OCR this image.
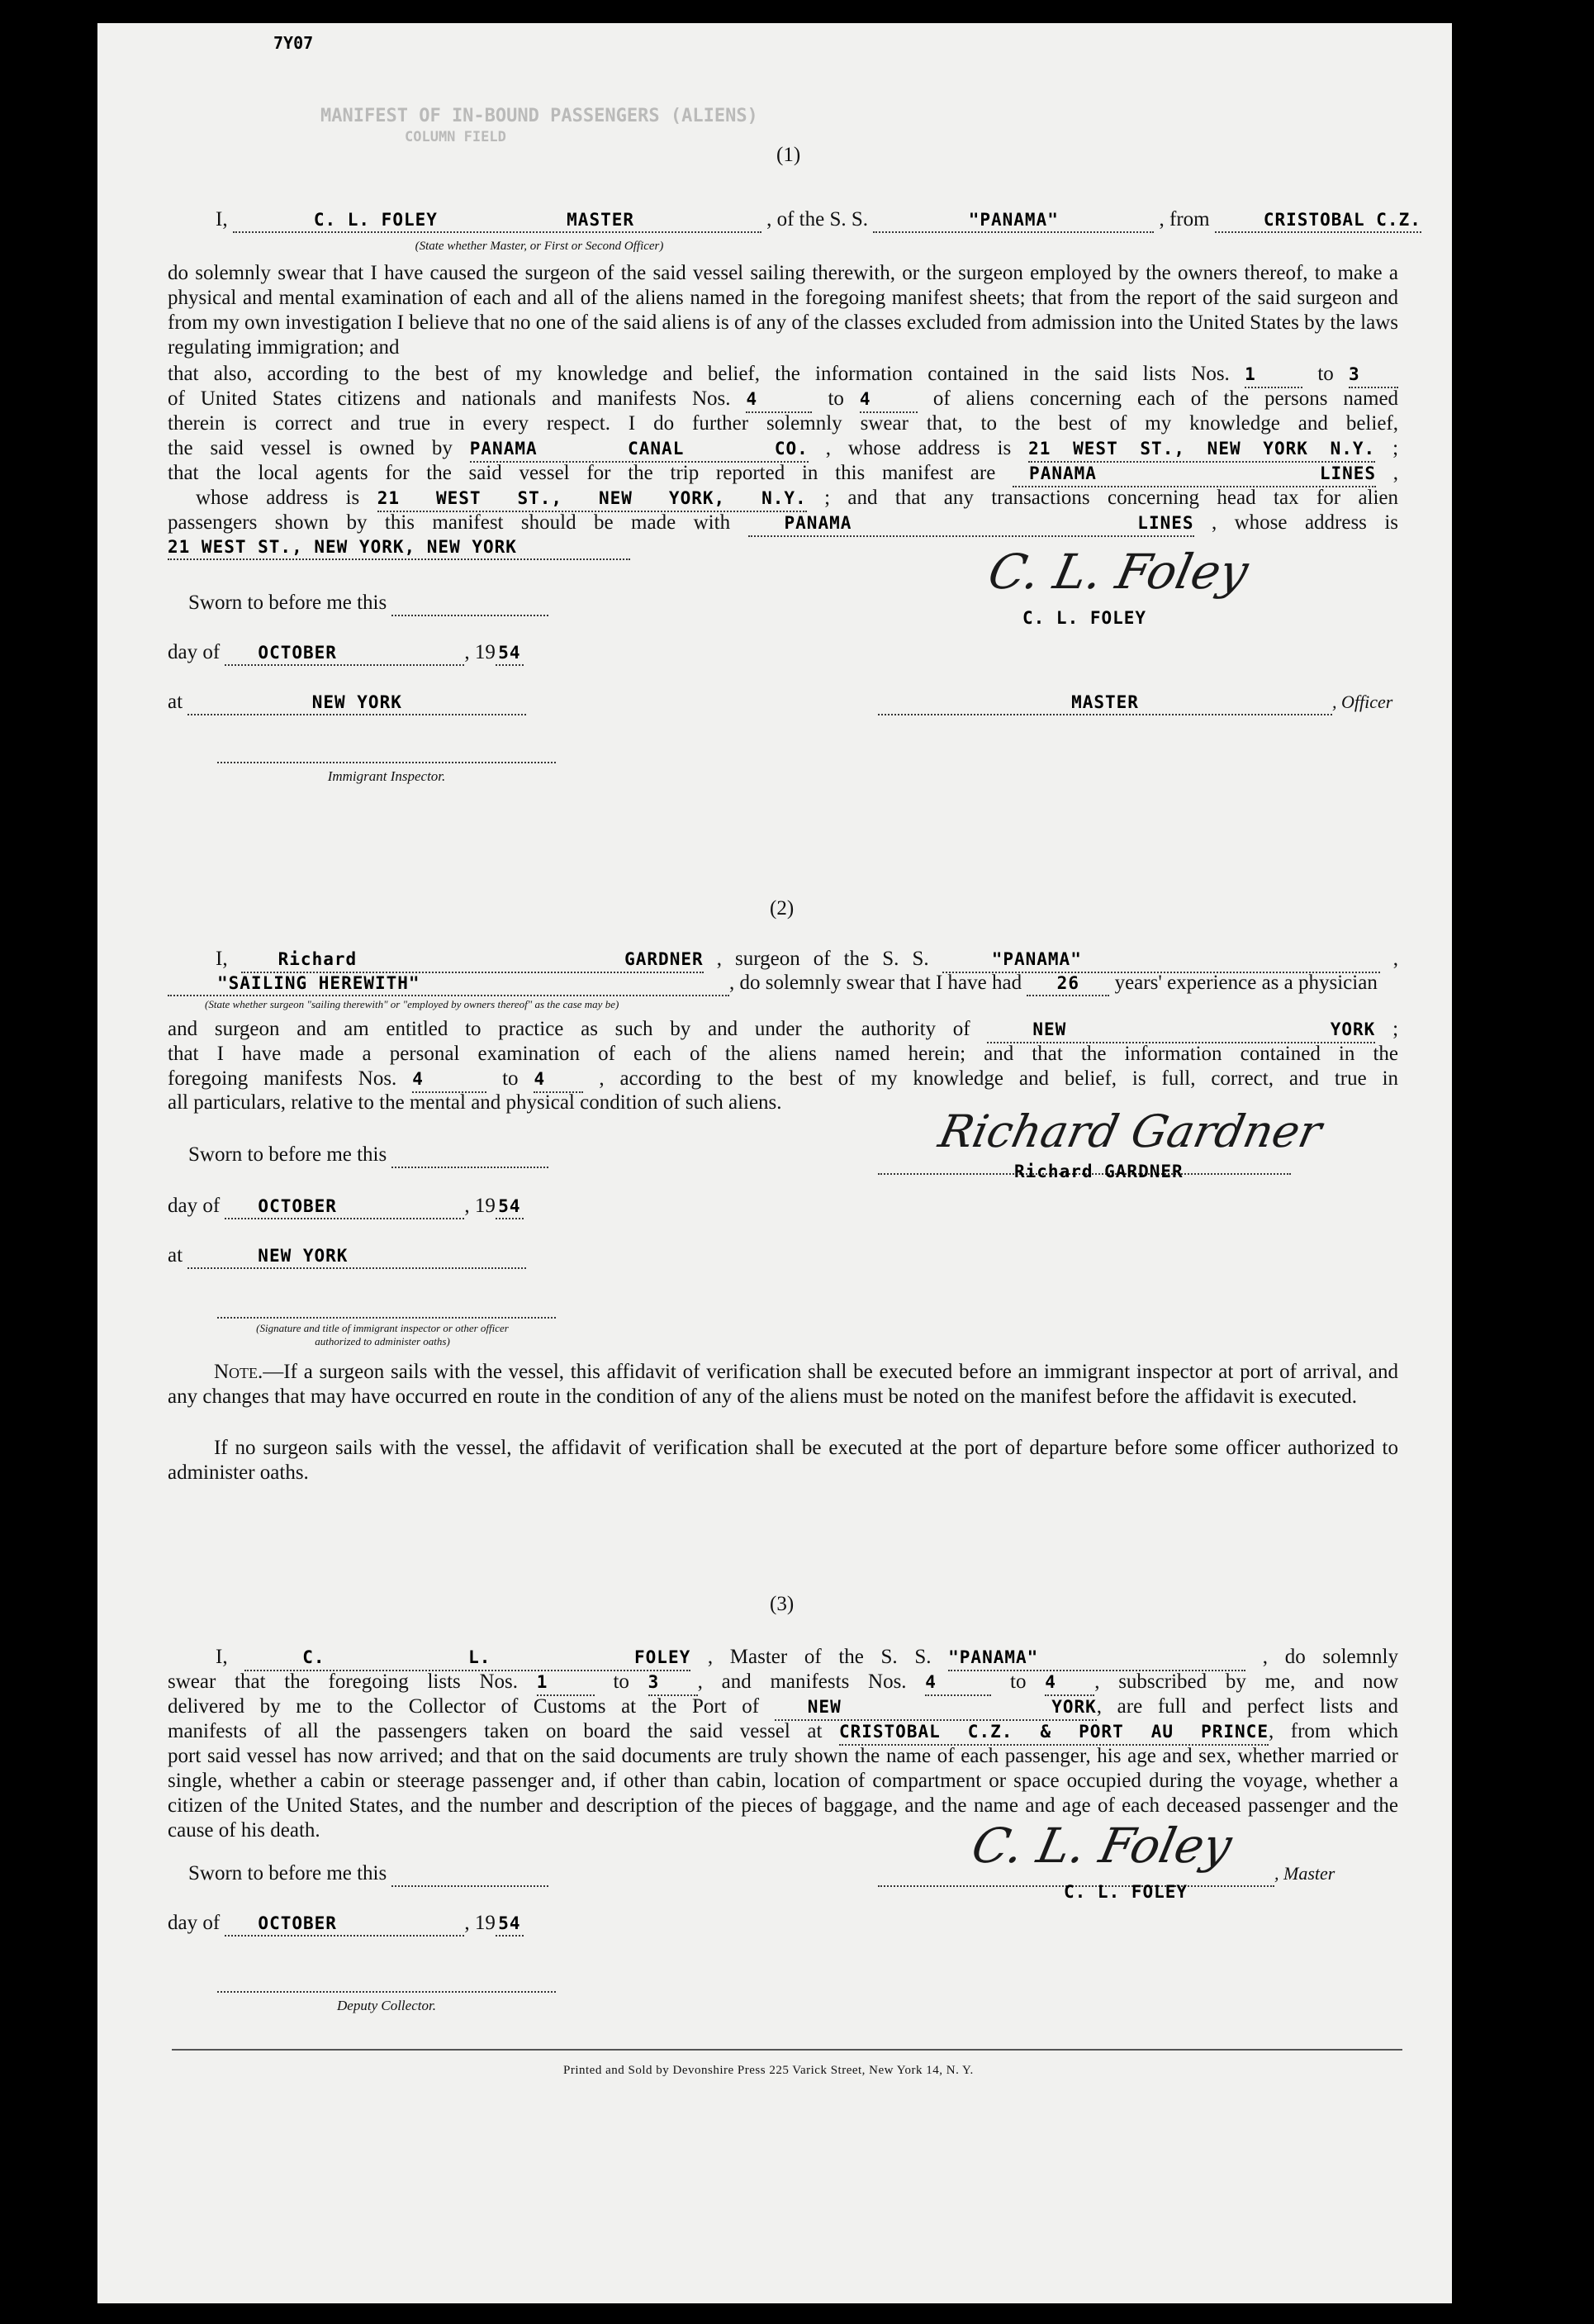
7Y07
MANIFEST OF IN-BOUND PASSENGERS (ALIENS)
COLUMN FIELD
(1)
I,	C. L. FOLEY	MASTER	, of the S. S.	"PANAMA"	, from	CRISTOBAL C.Z.
(State whether Master, or First or Second Officer)
do solemnly swear that I have caused the surgeon of the said vessel sailing therewith, or the surgeon employed by the owners thereof, to make a physical and mental examination of each and all of the aliens named in the foregoing manifest sheets; that from the report of the said surgeon and from my own investigation I believe that no one of the said aliens is of any of the classes excluded from admission into the United States by the laws regulating immigration; and
that also, according to the best of my knowledge and belief, the information contained in the said lists Nos. 1	to 3
of United States citizens and nationals and manifests Nos. 4	to 4	of aliens concerning each of the persons named
therein is correct and true in every respect. I do further solemnly swear that, to the best of my knowledge and belief,
the said vessel is owned by PANAMA CANAL CO. , whose address is 21 WEST ST., NEW YORK N.Y. ;
that the local agents for the said vessel for the trip reported in this manifest are PANAMA LINES ,
whose address is 21 WEST ST., NEW YORK, N.Y. ; and that any transactions concerning head tax for alien
passengers shown by this manifest should be made with	PANAMA LINES , whose address is
21 WEST ST., NEW YORK, NEW YORK
Sworn to before me this
C. L. Foley
C. L. FOLEY
day of OCTOBER	, 19 54
at	NEW YORK	MASTER	, Officer

Immigrant Inspector.
(2)
I,	Richard GARDNER , surgeon of the S. S.	"PANAMA"	,
"SAILING HEREWITH"	, do solemnly swear that I have had 26 years' experience as a physician
(State whether surgeon "sailing therewith" or "employed by owners thereof" as the case may be)
and surgeon and am entitled to practice as such by and under the authority of	NEW YORK ;
that I have made a personal examination of each of the aliens named herein; and that the information contained in the
foregoing manifests Nos. 4	to 4	, according to the best of my knowledge and belief, is full, correct, and true in
all particulars, relative to the mental and physical condition of such aliens.
Sworn to before me this
	Richard Gardner
Richard GARDNER
day of OCTOBER	, 19 54
at	NEW YORK

(Signature and title of immigrant inspector or other officer authorized to administer oaths)
Note.—If a surgeon sails with the vessel, this affidavit of verification shall be executed before an immigrant inspector at port of arrival, and any changes that may have occurred en route in the condition of any of the aliens must be noted on the manifest before the affidavit is executed.
If no surgeon sails with the vessel, the affidavit of verification shall be executed at the port of departure before some officer authorized to administer oaths.
(3)
I,	C. L. FOLEY , Master of the S. S. "PANAMA"	, do solemnly
swear that the foregoing lists Nos. 1	to 3 , and manifests Nos. 4	to 4 , subscribed by me, and now
delivered by me to the Collector of Customs at the Port of	NEW YORK, are full and perfect lists and
manifests of all the passengers taken on board the said vessel at CRISTOBAL C.Z. & PORT AU PRINCE, from which
port said vessel has now arrived; and that on the said documents are truly shown the name of each passenger, his age and sex, whether married or single, whether a cabin or steerage passenger and, if other than cabin, location of compartment or space occupied during the voyage, whether a citizen of the United States, and the number and description of the pieces of baggage, and the name and age of each deceased passenger and the cause of his death.
Sworn to before me this	, Master
C. L. Foley
C. L. FOLEY
day of OCTOBER	, 19 54

Deputy Collector.
Printed and Sold by Devonshire Press 225 Varick Street, New York 14, N. Y.
